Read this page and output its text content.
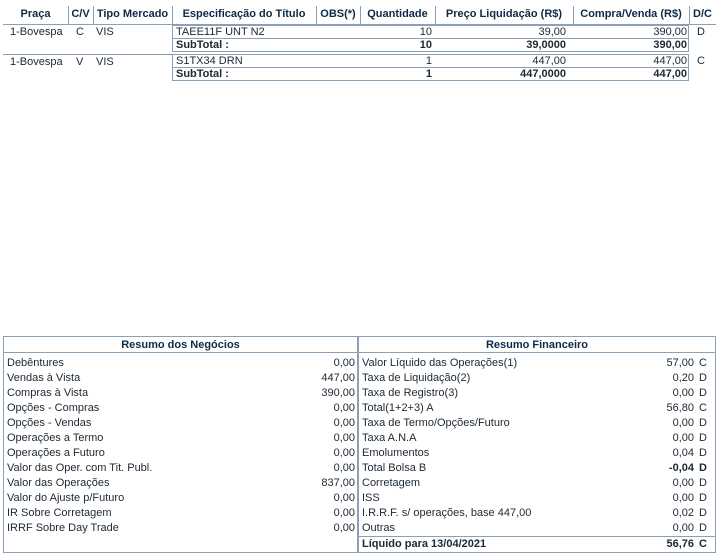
Praça	C/V Tipo Mercado	Especificação do Título	OBS(*)	Quantidade	Preço Liquidação (R$)	Compra/Venda (R$)	D/C
1-Bovespa C VIS	TAEE11F UNT N2	10	39,00	390,00 D
SubTotal :	10	39,0000	390,00
1-Bovespa V VIS	S1TX34 DRN	1	447,00	447,00 C
SubTotal :	1	447,0000	447,00
Resumo dos Negócios
Debêntures	0,00
Vendas à Vista	447,00
Compras à Vista	390,00
Opções - Compras	0,00
Opções - Vendas	0,00
Operações a Termo	0,00
Operações a Futuro	0,00
Valor das Oper. com Tit. Publ.	0,00
Valor das Operações	837,00
Valor do Ajuste p/Futuro	0,00
IR Sobre Corretagem	0,00
IRRF Sobre Day Trade	0,00
Resumo Financeiro
Valor Líquido das Operações(1)	57,00 C
Taxa de Liquidação(2)	0,20 D
Taxa de Registro(3)	0,00 D
Total(1+2+3) A	56,80 C
Taxa de Termo/Opções/Futuro	0,00 D
Taxa A.N.A	0,00 D
Emolumentos	0,04 D
Total Bolsa B	-0,04 D
Corretagem	0,00 D
ISS	0,00 D
I.R.R.F. s/ operações, base 447,00	0,02 D
Outras	0,00 D
Líquido para 13/04/2021	56,76 C
